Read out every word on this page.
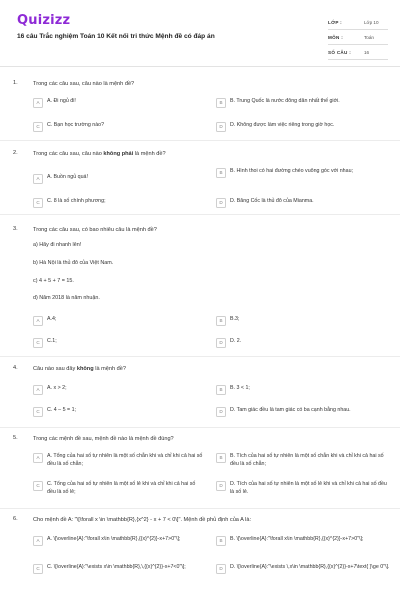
Quizizz
16 câu Trắc nghiệm Toán 10 Kết nối tri thức Mệnh đề có đáp án
LỚP :	Lớp 10
MÔN :	Toán
SỐ CÂU :	16
1.	Trong các câu sau, câu nào là mệnh đề?
A	A. Đi ngủ đi!	B	B. Trung Quốc là nước đông dân nhất thế giới.
C	C. Bạn học trường nào?	D	D. Không được làm việc riêng trong giờ học.
2.	Trong các câu sau, câu nào không phải là mệnh đề?
A	A. Buồn ngủ quá!
B	B. Hình thoi có hai đường chéo vuông góc với nhau;
C	C. 8 là số chính phương;	D	D. Băng Cốc là thủ đô của Mianma.
3.	Trong các câu sau, có bao nhiêu câu là mệnh đề?
a) Hãy đi nhanh lên!
b) Hà Nội là thủ đô của Việt Nam.
c) 4 + 5 + 7 = 15.
d) Năm 2018 là năm nhuận.
A	A.4;	B	B.3;
C	C.1;	D	D. 2.
4.	Câu nào sau đây không là mệnh đề?
A	A. x > 2;	B	B. 3 < 1;
C	C. 4 – 5 = 1;	D	D. Tam giác đều là tam giác có ba cạnh bằng nhau.
5.	Trong các mệnh đề sau, mệnh đề nào là mệnh đề đúng?
A	A. Tổng của hai số tự nhiên là một số chẵn khi và chỉ khi cả hai số đều là số chẵn;
B	B. Tích của hai số tự nhiên là một số chẵn khi và chỉ khi cả hai số đều là số chẵn;
C	C. Tổng của hai số tự nhiên là một số lẻ khi và chỉ khi cả hai số đều là số lẻ;
D	D. Tích của hai số tự nhiên là một số lẻ khi và chỉ khi cả hai số đều là số lẻ.
6.	Cho mệnh đề A: "\[\forall x \in \mathbb{R},{x^2} - x + 7 < 0\]". Mệnh đề phủ định của A là:
A	A. \[\overline{A}:"\forall x\in \mathbb{R},{{x}^{2}}-x+7>0"\];	B	B. \[\overline{A}:"\forall x\in \mathbb{R},{{x}^{2}}-x+7>0"\];
C	C. \[\overline{A}:"\exists x\in \mathbb{R},\,{{x}^{2}}-x+7<0"\];	D	D. \[\overline{A}:"\exists \,x\in \mathbb{R},{{x}^{2}}-x+7\text{ }\ge 0"\].
